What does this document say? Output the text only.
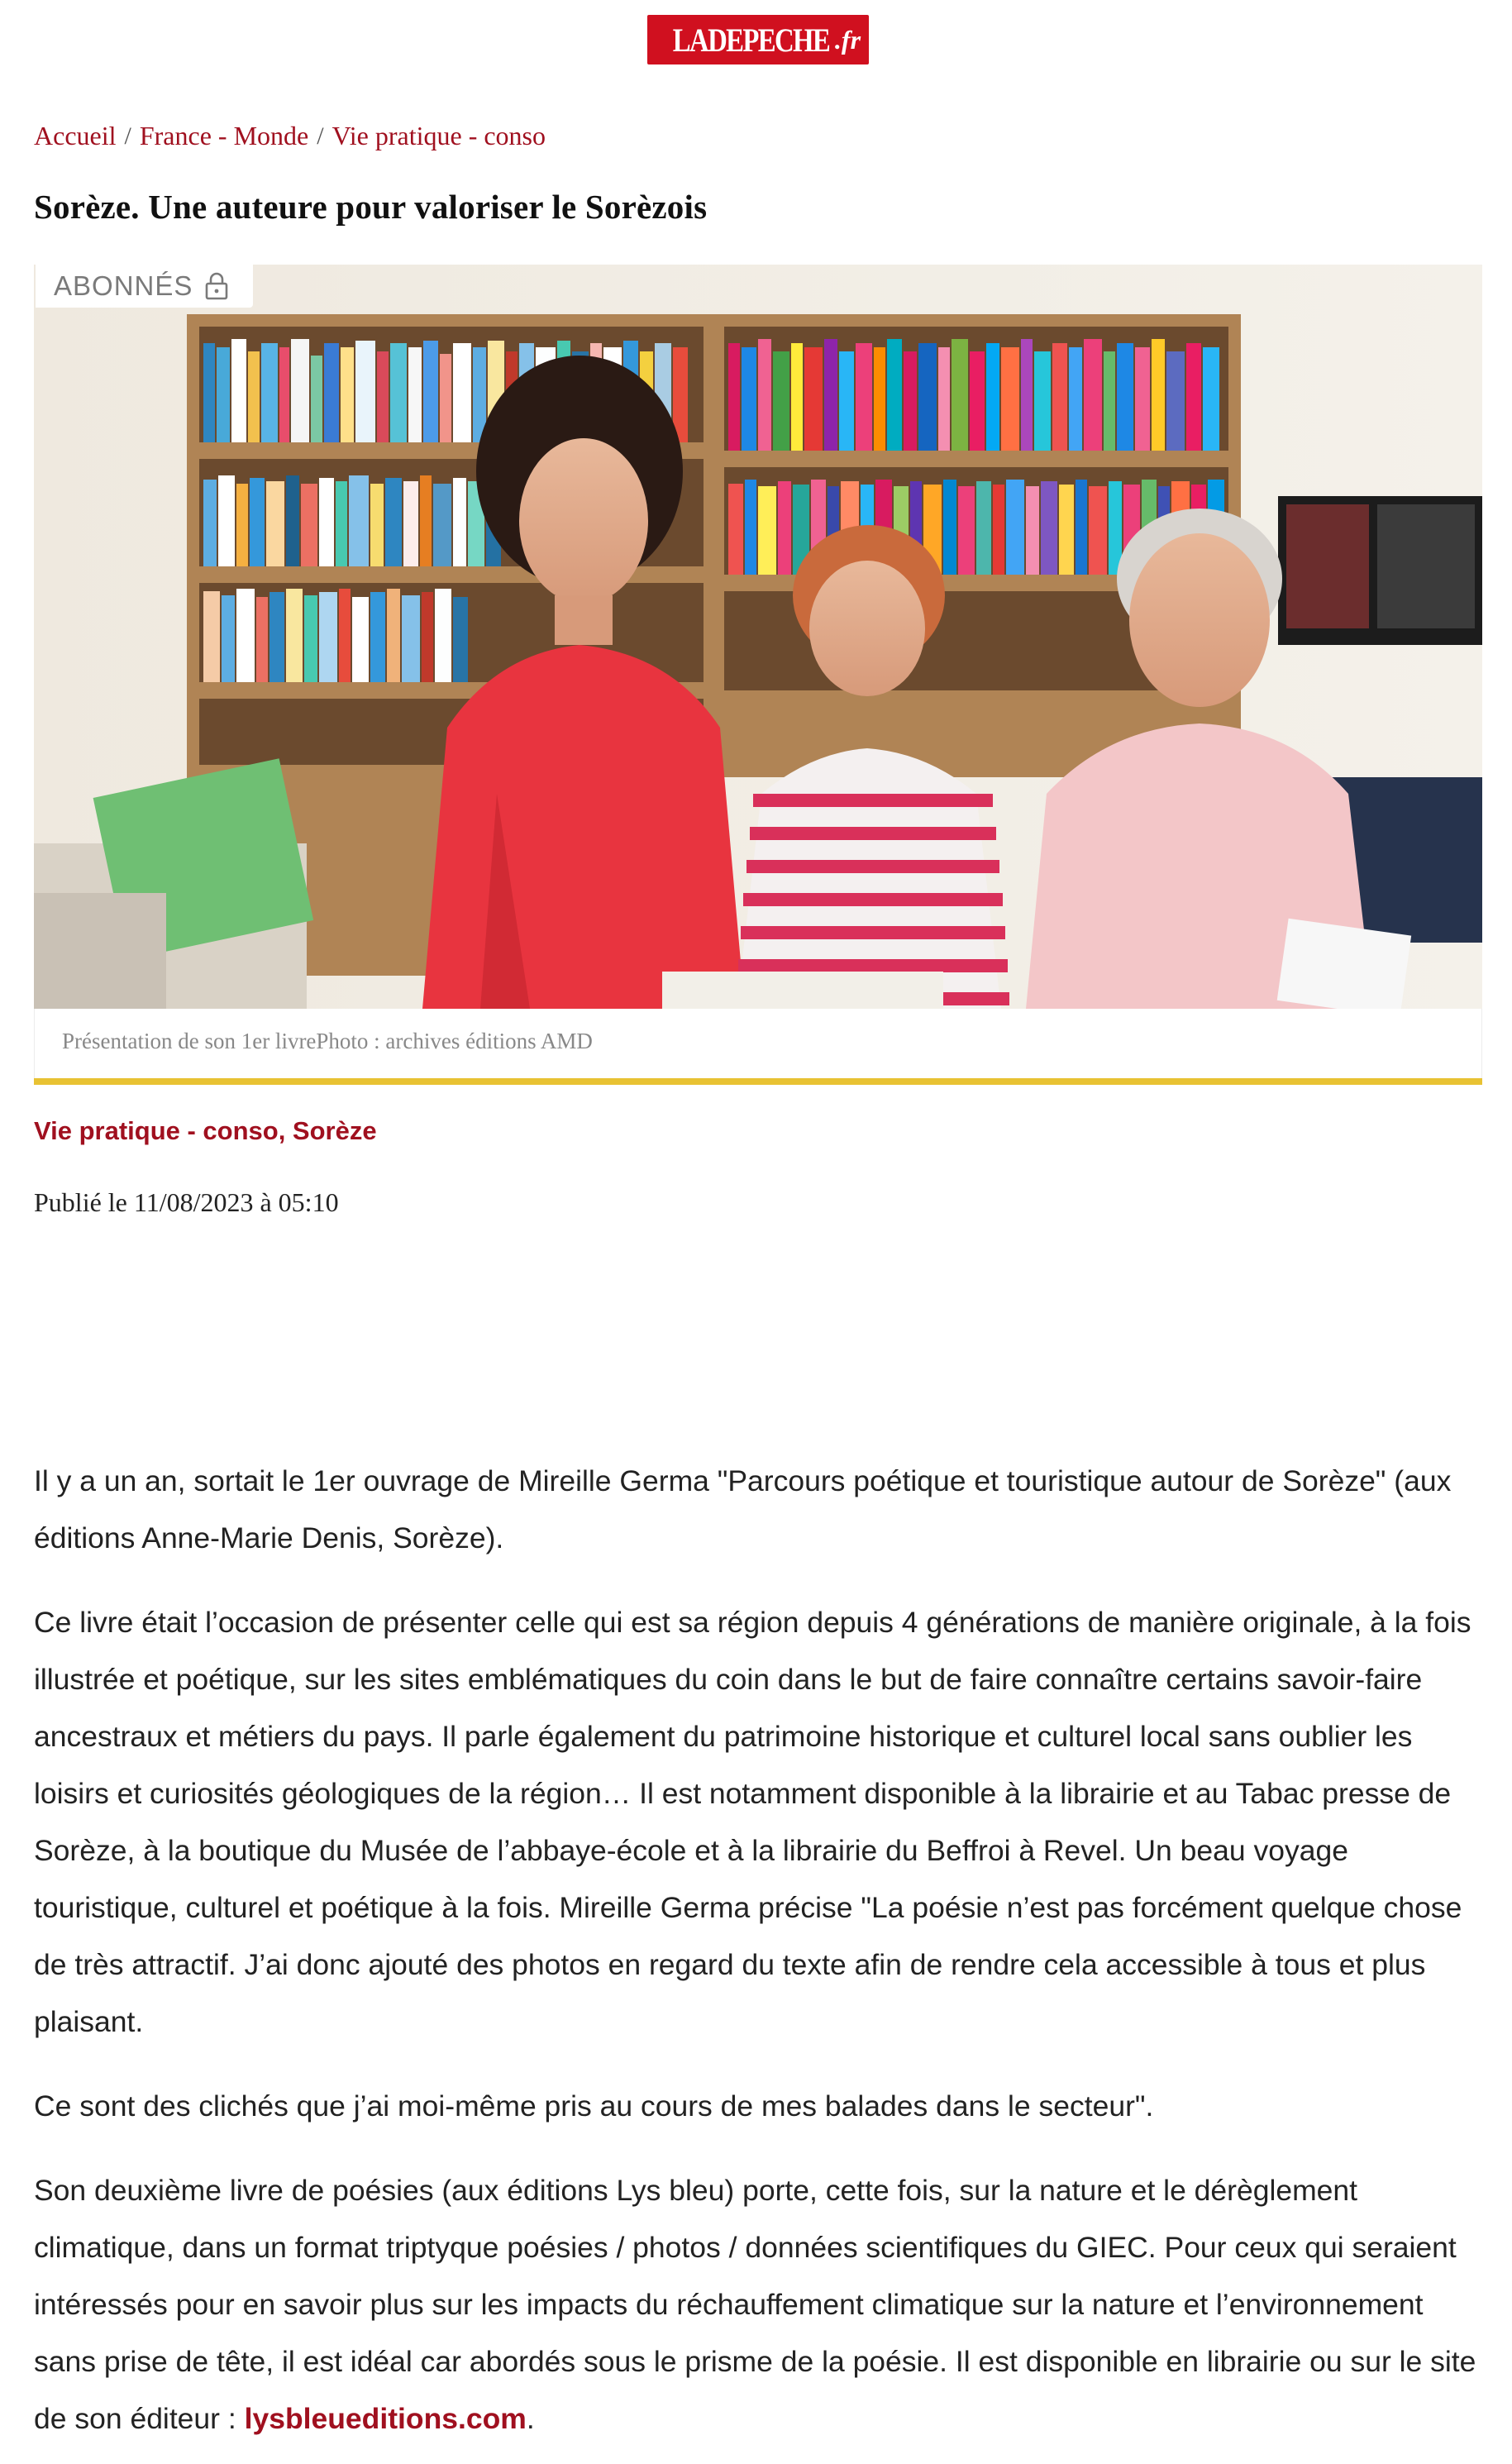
LADEPECHE .fr
Accueil / France - Monde / Vie pratique - conso
Sorèze. Une auteure pour valoriser le Sorèzois
ABONNÉS
Présentation de son 1er livrePhoto : archives éditions AMD
Vie pratique - conso, Sorèze
Publié le 11/08/2023 à 05:10

Il y a un an, sortait le 1er ouvrage de Mireille Germa "Parcours poétique et touristique autour de Sorèze" (aux éditions Anne-Marie Denis, Sorèze).

Ce livre était l’occasion de présenter celle qui est sa région depuis 4 générations de manière originale, à la fois illustrée et poétique, sur les sites emblématiques du coin dans le but de faire connaître certains savoir-faire ancestraux et métiers du pays. Il parle également du patrimoine historique et culturel local sans oublier les loisirs et curiosités géologiques de la région… Il est notamment disponible à la librairie et au Tabac presse de Sorèze, à la boutique du Musée de l’abbaye-école et à la librairie du Beffroi à Revel. Un beau voyage touristique, culturel et poétique à la fois. Mireille Germa précise "La poésie n’est pas forcément quelque chose de très attractif. J’ai donc ajouté des photos en regard du texte afin de rendre cela accessible à tous et plus plaisant.

Ce sont des clichés que j’ai moi-même pris au cours de mes balades dans le secteur".

Son deuxième livre de poésies (aux éditions Lys bleu) porte, cette fois, sur la nature et le dérèglement climatique, dans un format triptyque poésies / photos / données scientifiques du GIEC. Pour ceux qui seraient intéressés pour en savoir plus sur les impacts du réchauffement climatique sur la nature et l’environnement sans prise de tête, il est idéal car abordés sous le prisme de la poésie. Il est disponible en librairie ou sur le site de son éditeur : lysbleueditions.com.
